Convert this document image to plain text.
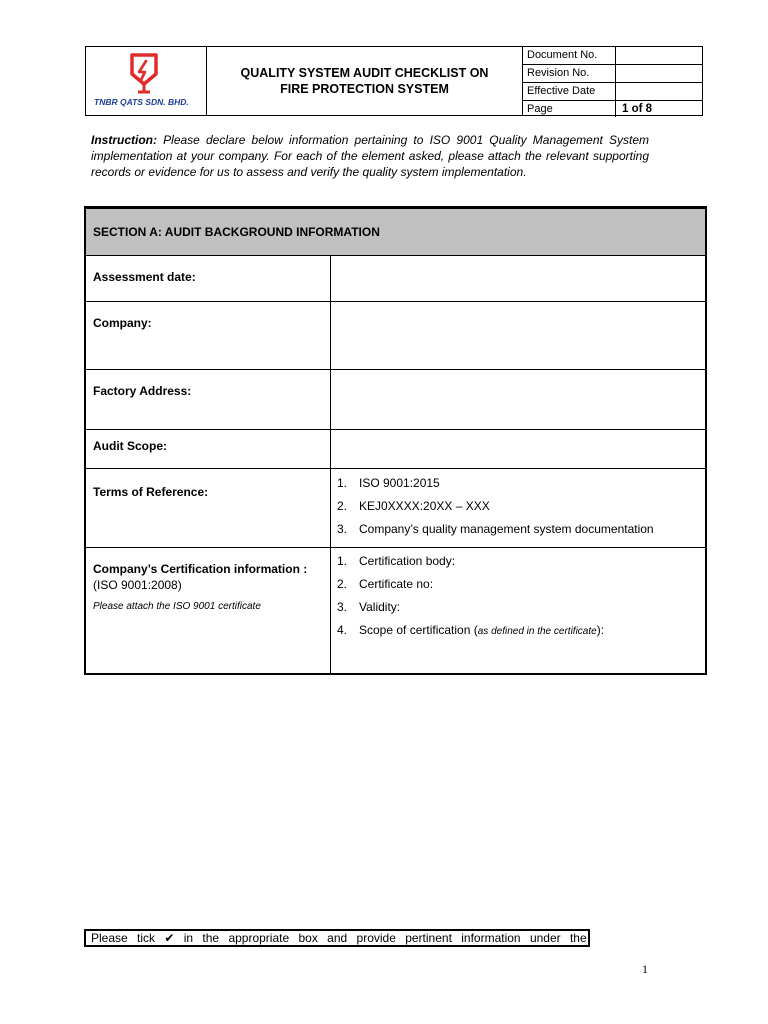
TNBR QATS SDN. BHD.
QUALITY SYSTEM AUDIT CHECKLIST ON
FIRE PROTECTION SYSTEM
Document No.
Revision No.
Effective Date
Page	1 of 8
Instruction: Please declare below information pertaining to ISO 9001 Quality Management System implementation at your company. For each of the element asked, please attach the relevant supporting records or evidence for us to assess and verify the quality system implementation.
SECTION A: AUDIT BACKGROUND INFORMATION
Assessment date:
Company:
Factory Address:
Audit Scope:
Terms of Reference:
1. ISO 9001:2015
2. KEJ0XXXX:20XX – XXX
3. Company’s quality management system documentation
Company’s Certification information :
(ISO 9001:2008)
Please attach the ISO 9001 certificate
1. Certification body:
2. Certificate no:
3. Validity:
4. Scope of certification (as defined in the certificate):
Please tick ✔ in the appropriate box and provide pertinent information under the
1
